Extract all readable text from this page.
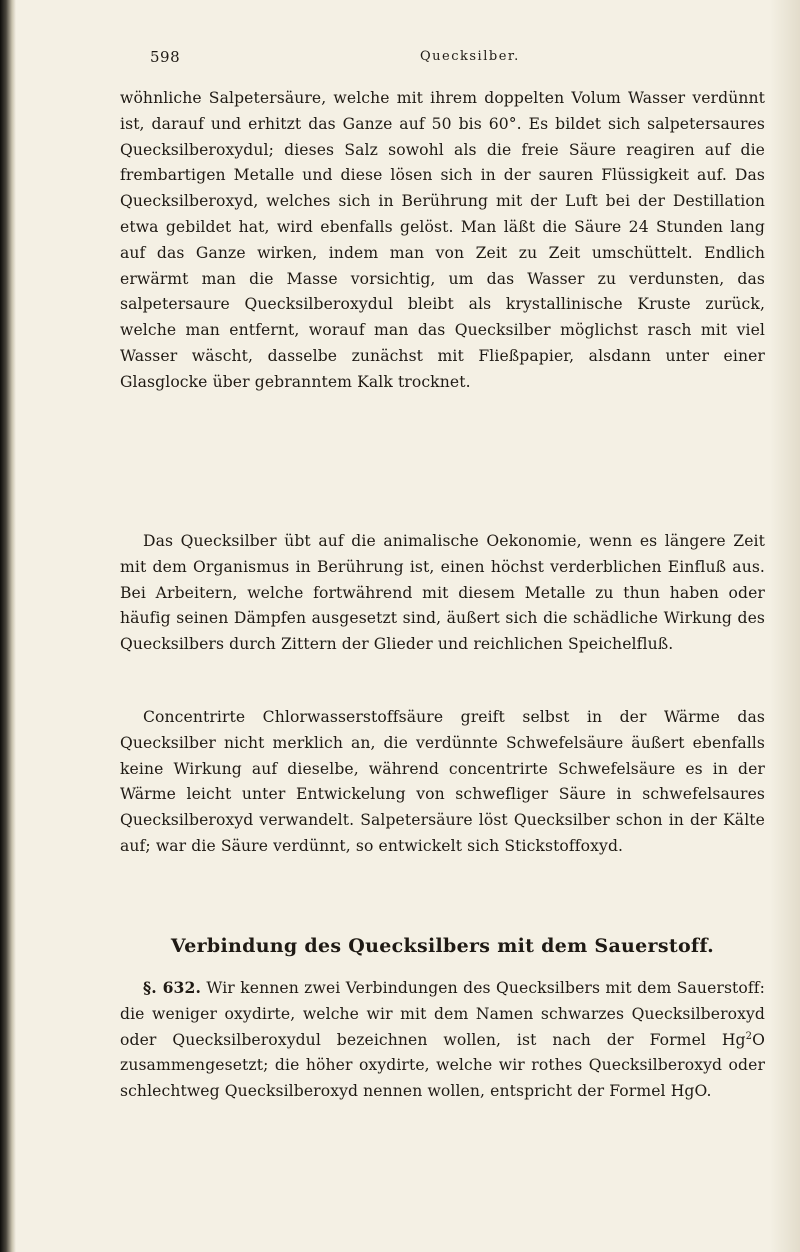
598	Quecksilber.

wöhnliche Salpetersäure, welche mit ihrem doppelten Volum Wasser verdünnt ist, darauf und erhitzt das Ganze auf 50 bis 60°. Es bildet sich salpetersaures Quecksilberoxydul; dieses Salz sowohl als die freie Säure reagiren auf die frembartigen Metalle und diese lösen sich in der sauren Flüssigkeit auf. Das Quecksilberoxyd, welches sich in Berührung mit der Luft bei der Destillation etwa gebildet hat, wird ebenfalls gelöst. Man läßt die Säure 24 Stunden lang auf das Ganze wirken, indem man von Zeit zu Zeit umschüttelt. Endlich erwärmt man die Masse vorsichtig, um das Wasser zu verdunsten, das salpetersaure Quecksilberoxydul bleibt als krystallinische Kruste zurück, welche man entfernt, worauf man das Quecksilber möglichst rasch mit viel Wasser wäscht, dasselbe zunächst mit Fließpapier, alsdann unter einer Glasglocke über gebranntem Kalk trocknet.

Das Quecksilber übt auf die animalische Oekonomie, wenn es längere Zeit mit dem Organismus in Berührung ist, einen höchst verderblichen Einfluß aus. Bei Arbeitern, welche fortwährend mit diesem Metalle zu thun haben oder häufig seinen Dämpfen ausgesetzt sind, äußert sich die schädliche Wirkung des Quecksilbers durch Zittern der Glieder und reichlichen Speichelfluß.

Concentrirte Chlorwasserstoffsäure greift selbst in der Wärme das Quecksilber nicht merklich an, die verdünnte Schwefelsäure äußert ebenfalls keine Wirkung auf dieselbe, während concentrirte Schwefelsäure es in der Wärme leicht unter Entwickelung von schwefliger Säure in schwefelsaures Quecksilberoxyd verwandelt. Salpetersäure löst Quecksilber schon in der Kälte auf; war die Säure verdünnt, so entwickelt sich Stickstoffoxyd.

Verbindung des Quecksilbers mit dem Sauerstoff.

§. 632. Wir kennen zwei Verbindungen des Quecksilbers mit dem Sauerstoff: die weniger oxydirte, welche wir mit dem Namen schwarzes Quecksilberoxyd oder Quecksilberoxydul bezeichnen wollen, ist nach der Formel Hg$^2$O zusammengesetzt; die höher oxydirte, welche wir rothes Quecksilberoxyd oder schlechtweg Quecksilberoxyd nennen wollen, entspricht der Formel HgO.
